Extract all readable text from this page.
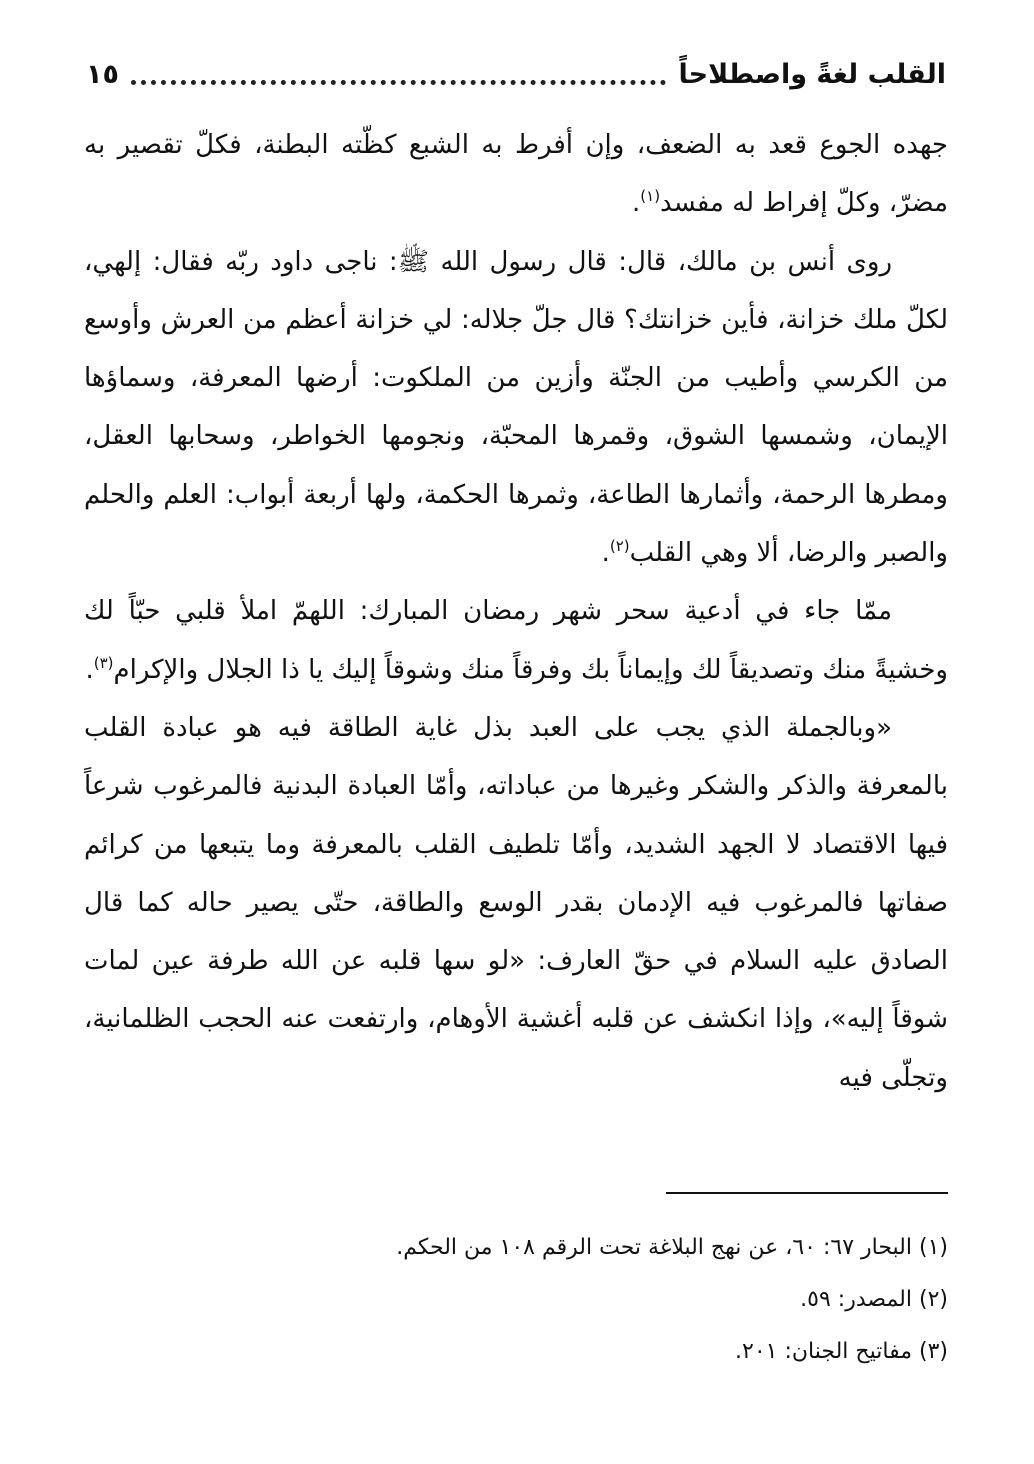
القلب لغةً واصطلاحاً
١٥

جهده الجوع قعد به الضعف، وإن أفرط به الشبع كظّته البطنة، فكلّ تقصير به مضرّ، وكلّ إفراط له مفسد$^{(١)}$.

روى أنس بن مالك، قال: قال رسول الله ﷺ: ناجى داود ربّه فقال: إلهي، لكلّ ملك خزانة، فأين خزانتك؟ قال جلّ جلاله: لي خزانة أعظم من العرش وأوسع من الكرسي وأطيب من الجنّة وأزين من الملكوت: أرضها المعرفة، وسماؤها الإيمان، وشمسها الشوق، وقمرها المحبّة، ونجومها الخواطر، وسحابها العقل، ومطرها الرحمة، وأثمارها الطاعة، وثمرها الحكمة، ولها أربعة أبواب: العلم والحلم والصبر والرضا، ألا وهي القلب$^{(٢)}$.

ممّا جاء في أدعية سحر شهر رمضان المبارك: اللهمّ املأ قلبي حبّاً لك وخشيةً منك وتصديقاً لك وإيماناً بك وفرقاً منك وشوقاً إليك يا ذا الجلال والإكرام$^{(٣)}$.

«وبالجملة الذي يجب على العبد بذل غاية الطاقة فيه هو عبادة القلب بالمعرفة والذكر والشكر وغيرها من عباداته، وأمّا العبادة البدنية فالمرغوب شرعاً فيها الاقتصاد لا الجهد الشديد، وأمّا تلطيف القلب بالمعرفة وما يتبعها من كرائم صفاتها فالمرغوب فيه الإدمان بقدر الوسع والطاقة، حتّى يصير حاله كما قال الصادق عليه السلام في حقّ العارف: «لو سها قلبه عن الله طرفة عين لمات شوقاً إليه»، وإذا انكشف عن قلبه أغشية الأوهام، وارتفعت عنه الحجب الظلمانية، وتجلّى فيه

(١) البحار ٦٧: ٦٠، عن نهج البلاغة تحت الرقم ١٠٨ من الحكم.
(٢) المصدر: ٥٩.
(٣) مفاتيح الجنان: ٢٠١.
